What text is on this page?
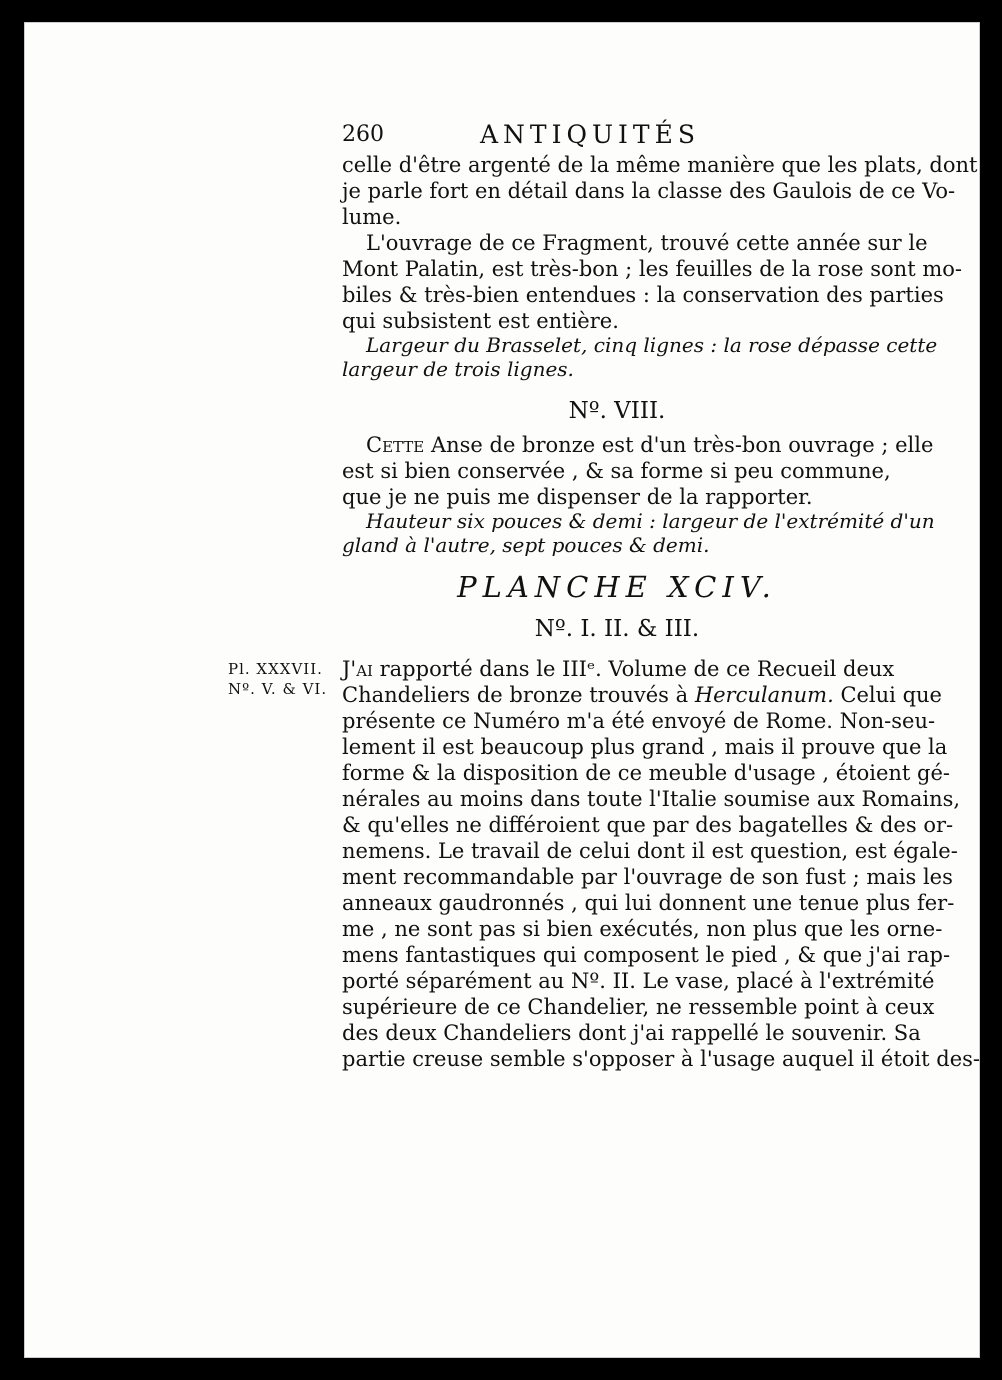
260	ANTIQUITÉS
celle d'être argenté de la même manière que les plats, dont
je parle fort en détail dans la classe des Gaulois de ce Vo-
lume.
L'ouvrage de ce Fragment, trouvé cette année sur le
Mont Palatin, est très-bon ; les feuilles de la rose sont mo-
biles & très-bien entendues : la conservation des parties
qui subsistent est entière.
Largeur du Brasselet, cinq lignes : la rose dépasse cette
largeur de trois lignes.
Nº. VIII.
Cette Anse de bronze est d'un très-bon ouvrage ; elle
est si bien conservée , & sa forme si peu commune,
que je ne puis me dispenser de la rapporter.
Hauteur six pouces & demi : largeur de l'extrémité d'un
gland à l'autre, sept pouces & demi.
PLANCHE XCIV.
Nº. I. II. & III.
Pl. XXXVII.
Nº. V. & VI.
J'ai rapporté dans le IIIᵉ. Volume de ce Recueil deux
Chandeliers de bronze trouvés à Herculanum. Celui que
présente ce Numéro m'a été envoyé de Rome. Non-seu-
lement il est beaucoup plus grand , mais il prouve que la
forme & la disposition de ce meuble d'usage , étoient gé-
nérales au moins dans toute l'Italie soumise aux Romains,
& qu'elles ne différoient que par des bagatelles & des or-
nemens. Le travail de celui dont il est question, est égale-
ment recommandable par l'ouvrage de son fust ; mais les
anneaux gaudronnés , qui lui donnent une tenue plus fer-
me , ne sont pas si bien exécutés, non plus que les orne-
mens fantastiques qui composent le pied , & que j'ai rap-
porté séparément au Nº. II. Le vase, placé à l'extrémité
supérieure de ce Chandelier, ne ressemble point à ceux
des deux Chandeliers dont j'ai rappellé le souvenir. Sa
partie creuse semble s'opposer à l'usage auquel il étoit des-
